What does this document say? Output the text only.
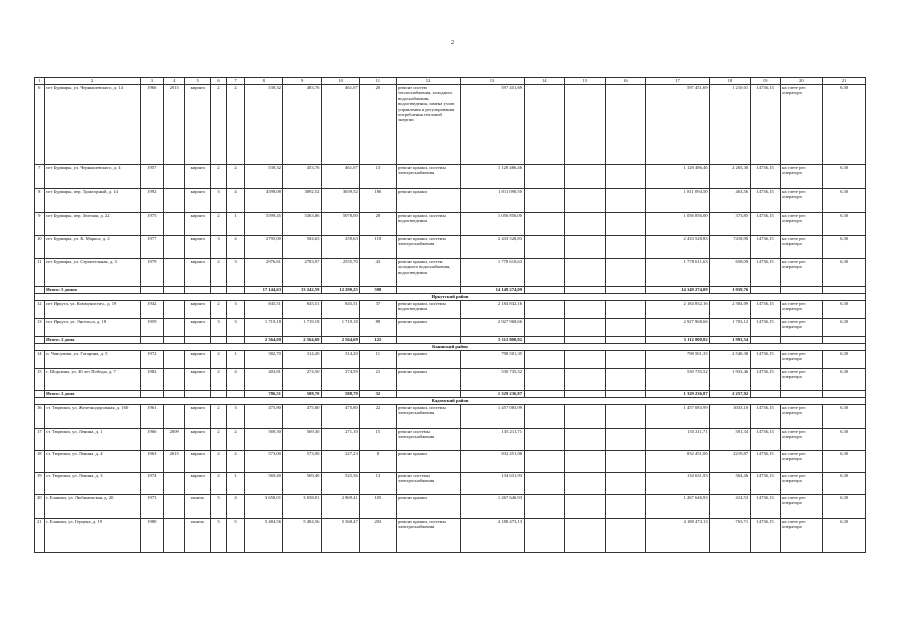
2
1	2	3	4	5	6	7	8	9	10	11	12	13	14	15	16	17	18	19	20	21
6	пгт Бурмиры, ул. Чернышевского, д. 14	1966	2015	кирпич	2	2	539,32	483,76	461,07	20	ремонт систем теплоснабжения, холодного водоснабжения, водоотведения, замена узлов управления и регулирования потребления тепловой энергии	597 451,69				597 451,69	1 210,01	14736,13	на счете рег. оператора	6,30
7	пгт Бурмиры, ул. Чернышевского, д. 4	1957		кирпич	2	2	539,32	453,76	461,07	13	ремонт крыши, системы электроснабжения	1 128 486,46				1 128 486,46	2 265,30	14736,15	на счете рег. оператора	6,30
8	пгт Бурмиры, пер. Тракторный, д. 14	1992		кирпич	3	4	4598,08	3892,52	3659,52	186	ремонт крыши	1 811 090,50				1 811 094,50	463,56	14736,15	на счете рег. оператора	6,30
9	пгт Бурмиры, пер. Зеленая, д. 22	1975		кирпич	2	1	5599,45	5363,86	5078,00	28	ремонт крыши, системы водоотведения	1 056 856,00				1 056 856,00	373,85	14736,15	на счете рег. оператора	6,30
10	пгт Бурмиры, ул. К. Маркса, д. 2	1977		кирпич	3	4	2795,00	584,63	259,63	118	ремонт крыши, системы электроснабжения	2 433 528,83				2 433 528,83	7418,90	14736,15	на счете рег. оператора	6,30
11	пгт Бурмиры, ул. Строительная, д. 3	1979		кирпич	2	3	2976,61	2783,97	2555,70	43	ремонт крыши, систем холодного водоснабжения, водоотведения	1 778 610,63				1 778 611,63	658,09	14736,15	на счете рег. оператора	6,30
	Итого: 5 домов						17 144,63	13 242,59	12 290,25	598		14 149 274,09				14 149 274,09	1 059,76			
Иркутский район																				
12	пгт Иркута, ул. Коммунистич., д. 19	1942		кирпич	2	3	845,51	845,51	845,51	37	ремонт крыши, системы водоотведения	2 184 832,16				2 184 832,16	2 584,09	14736,15	на счете рег. оператора	6,30
13	пгт Иркута, ул. Энгельса, д. 18	1959		кирпич	3	3	1 719,18	1 719,18	1 719,18	88	ремонт крыши	2 927 968,66				2 927 968,66	1 703,12	14736,15	на счете рег. оператора	6,30
	Итого: 2 дома						2 564,69	2 564,69	2 564,69	125		5 112 800,82				5 112 800,82	1 993,54			
Каншский район																				
14	п. Чаисумиш, ул. Гагарина, д. 5	1972		кирпич	2	1	382,70	314,20	314,20	11	ремонт крыши	798 501,35				798 501,35	2 540,38	14736,15	на счете рег. оператора	6,30
15	г. Шорсины, ул. 40 лет Победы, д. 7	1982		кирпич	2	4	403,81	274,50	274,59	21	ремонт крыши	530 735,52				530 735,52	1 933,46	14736,15	на счете рег. оператора	6,30
	Итого: 2 дома						786,51	588,70	588,79	32		1 329 236,87				1 329 236,87	2 257,92			
Кадомский район																				
16	ст. Тюрюши, ул. Железнодорожная, д. 160	1961		кирпич	2	3	475,80	475,80	475,80	22	ремонт крыши, системы электроснабжения	1 457 083,99				1 457 083,99	3033,10	14736,15	на счете рег. оператора	6,30
17	ст. Тюрюши, ул. Ленина, д. 1	1966	2009	кирпич	2	2	569,30	569,30	271,10	15	ремонт системы электроснабжения	135 211,71				135 211,71	501,34	14736,13	на счете рег. оператора	6,30
18	ст. Тюрюши, ул. Ленина, д. 4	1963	2015	кирпич	2	2	573,00	573,00	227,23	8	ремонт крыши	832 451,06				832 451,06	2219,87	14736,15	на счете рег. оператора	6,30
19	ст. Тюрюши, ул. Ленина, д. 3	1974		кирпич	2	1	569,40	569,40	525,36	13	ремонт системы электроснабжения	134 631,93				134 631,93	564,46	14736,13	на счете рег. оператора	6,30
20	г. Еланьчи, ул. Любимовская, д. 20	1973		панель	5	4	3 658,01	3 658,01	2 869,41	105	ремонт крыши	1 267 646,93				1 267 646,93	414,53	14736,13	на счете рег. оператора	6,30
21	г. Еланьчи, ул. Герцена, д. 19	1980		панель	5	5	5 484,56	5 484,56	5 368,47	203	ремонт крыши, системы электроснабжения	4 188 473,13				4 188 473,13	763,71	14736,15	на счете рег. оператора	6,30
